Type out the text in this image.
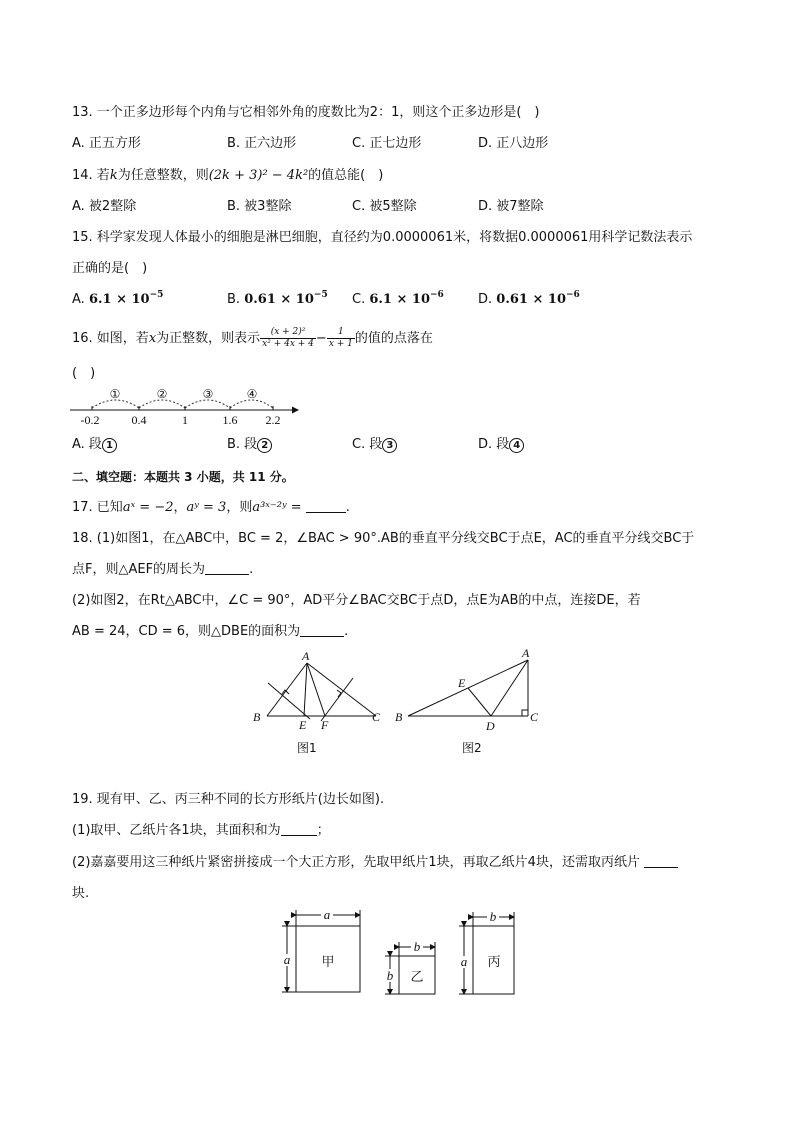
13. 一个正多边形每个内角与它相邻外角的度数比为2：1，则这个正多边形是(　)
A. 正五方形	B. 正六边形	C. 正七边形	D. 正八边形
14. 若k为任意整数，则(2k + 3)² − 4k²的值总能(　)
A. 被2整除	B. 被3整除	C. 被5整除	D. 被7整除
15. 科学家发现人体最小的细胞是淋巴细胞，直径约为0.0000061米，将数据0.0000061用科学记数法表示
正确的是(　)
A. $6.1 \times 10^{-5}$	B. $0.61 \times 10^{-5}$ C. $6.1 \times 10^{-6}$	D. $0.61 \times 10^{-6}$
16. 如图，若x为正整数，则表示 $\frac{\text{(x + 2)²}}{\text{x² + 4x + 4}} - \frac{1}{x + 1}$ 的值的点落在
(　)
①	②	③	④
-0.2	0.4	1	1.6 2.2
A. 段 1	B. 段 2	C. 段 3	D. 段 4
二、填空题：本题共 3 小题，共 11 分。
17. 已知aˣ = −2，aʸ = 3，则a³ˣ⁻²ʸ =	.
18. (1)如图1，在△ABC中，BC = 2，∠BAC > 90°.AB的垂直平分线交BC于点E，AC的垂直平分线交BC于
点F，则△AEF的周长为	.
(2)如图2，在Rt△ABC中，∠C = 90°，AD平分∠BAC交BC于点D，点E为AB的中点，连接DE，若
AB = 24，CD = 6，则△DBE的面积为	.
A
B
E F
C
图1
A
E
B
D
C
图2
19. 现有甲、乙、丙三种不同的长方形纸片(边长如图).
(1)取甲、乙纸片各1块，其面积和为	；
(2)嘉嘉要用这三种纸片紧密拼接成一个大正方形，先取甲纸片1块，再取乙纸片4块，还需取丙纸片
块.
a
a 甲
b
b 乙
b
a 丙
